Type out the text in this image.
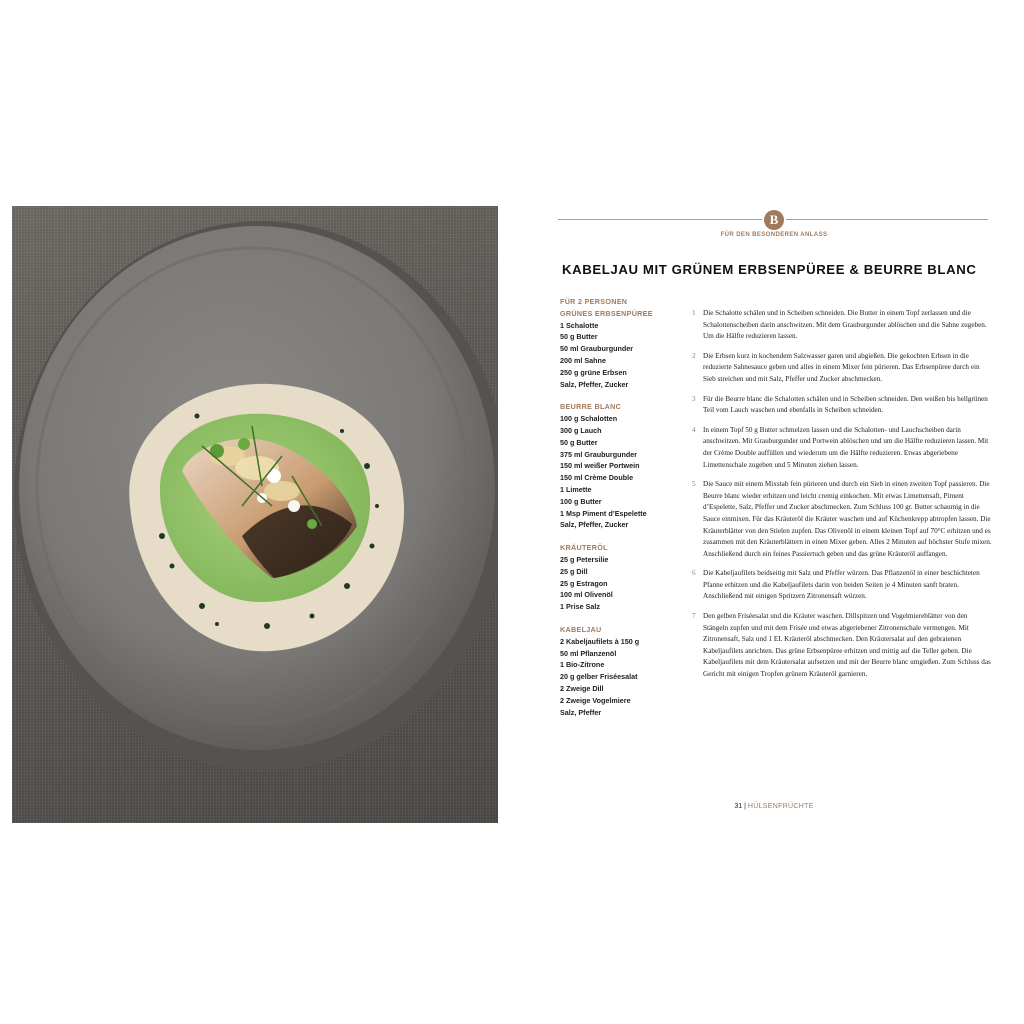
B
FÜR DEN BESONDEREN ANLASS
KABELJAU MIT GRÜNEM ERBSENPÜREE & BEURRE BLANC
FÜR 2 PERSONEN
GRÜNES ERBSENPÜREE
1 Schalotte
50 g Butter
50 ml Grauburgunder
200 ml Sahne
250 g grüne Erbsen
Salz, Pfeffer, Zucker
BEURRE BLANC
100 g Schalotten
300 g Lauch
50 g Butter
375 ml Grauburgunder
150 ml weißer Portwein
150 ml Crème Double
1 Limette
100 g Butter
1 Msp Piment d’Espelette
Salz, Pfeffer, Zucker
KRÄUTERÖL
25 g Petersilie
25 g Dill
25 g Estragon
100 ml Olivenöl
1 Prise Salz
KABELJAU
2 Kabeljaufilets à 150 g
50 ml Pflanzenöl
1 Bio-Zitrone
20 g gelber Friséesalat
2 Zweige Dill
2 Zweige Vogelmiere
Salz, Pfeffer
1	Die Schalotte schälen und in Scheiben schneiden. Die Butter in einem Topf zerlassen und die Schalottenscheiben darin anschwitzen. Mit dem Grauburgunder ablöschen und die Sahne zugeben. Um die Hälfte reduzieren lassen.
2	Die Erbsen kurz in kochendem Salzwasser garen und abgießen. Die gekochten Erbsen in die reduzierte Sahnesauce geben und alles in einem Mixer fein pürieren. Das Erbsenpüree durch ein Sieb streichen und mit Salz, Pfeffer und Zucker abschmecken.
3	Für die Beurre blanc die Schalotten schälen und in Scheiben schneiden. Den weißen bis hellgrünen Teil vom Lauch waschen und ebenfalls in Scheiben schneiden.
4	In einem Topf 50 g Butter schmelzen lassen und die Schalotten- und Lauchscheiben darin anschwitzen. Mit Grauburgunder und Portwein ablöschen und um die Hälfte reduzieren lassen. Mit der Crème Double auffüllen und wiederum um die Hälfte reduzieren. Etwas abgeriebene Limettenschale zugeben und 5 Minuten ziehen lassen.
5	Die Sauce mit einem Mixstab fein pürieren und durch ein Sieb in einen zweiten Topf passieren. Die Beurre blanc wieder erhitzen und leicht cremig einkochen. Mit etwas Limettensaft, Piment d’Espelette, Salz, Pfeffer und Zucker abschmecken. Zum Schluss 100 gr. Butter schaumig in die Sauce einmixen. Für das Kräuteröl die Kräuter waschen und auf Küchenkrepp abtropfen lassen. Die Kräuterblätter von den Stielen zupfen. Das Olivenöl in einem kleinen Topf auf 70°C erhitzen und es zusammen mit den Kräuterblättern in einen Mixer geben. Alles 2 Minuten auf höchster Stufe mixen. Anschließend durch ein feines Passiertuch geben und das grüne Kräuteröl auffangen.
6	Die Kabeljaufilets beidseitig mit Salz und Pfeffer würzen. Das Pflanzenöl in einer beschichteten Pfanne erhitzen und die Kabeljaufilets darin von beiden Seiten je 4 Minuten sanft braten. Anschließend mit einigen Spritzern Zitronensaft würzen.
7	Den gelben Friséesalat und die Kräuter waschen. Dillspitzen und Vogelmiereblätter von den Stängeln zupfen und mit dem Frisée und etwas abgeriebener Zitronenschale vermengen. Mit Zitronensaft, Salz und 1 EL Kräuteröl abschmecken. Den Kräutersalat auf den gebratenen Kabeljaufilets anrichten. Das grüne Erbsenpüree erhitzen und mittig auf die Teller geben. Die Kabeljaufilets mit dem Kräutersalat aufsetzen und mit der Beurre blanc umgießen. Zum Schluss das Gericht mit einigen Tropfen grünem Kräuteröl garnieren.
31 | HÜLSENFRÜCHTE
